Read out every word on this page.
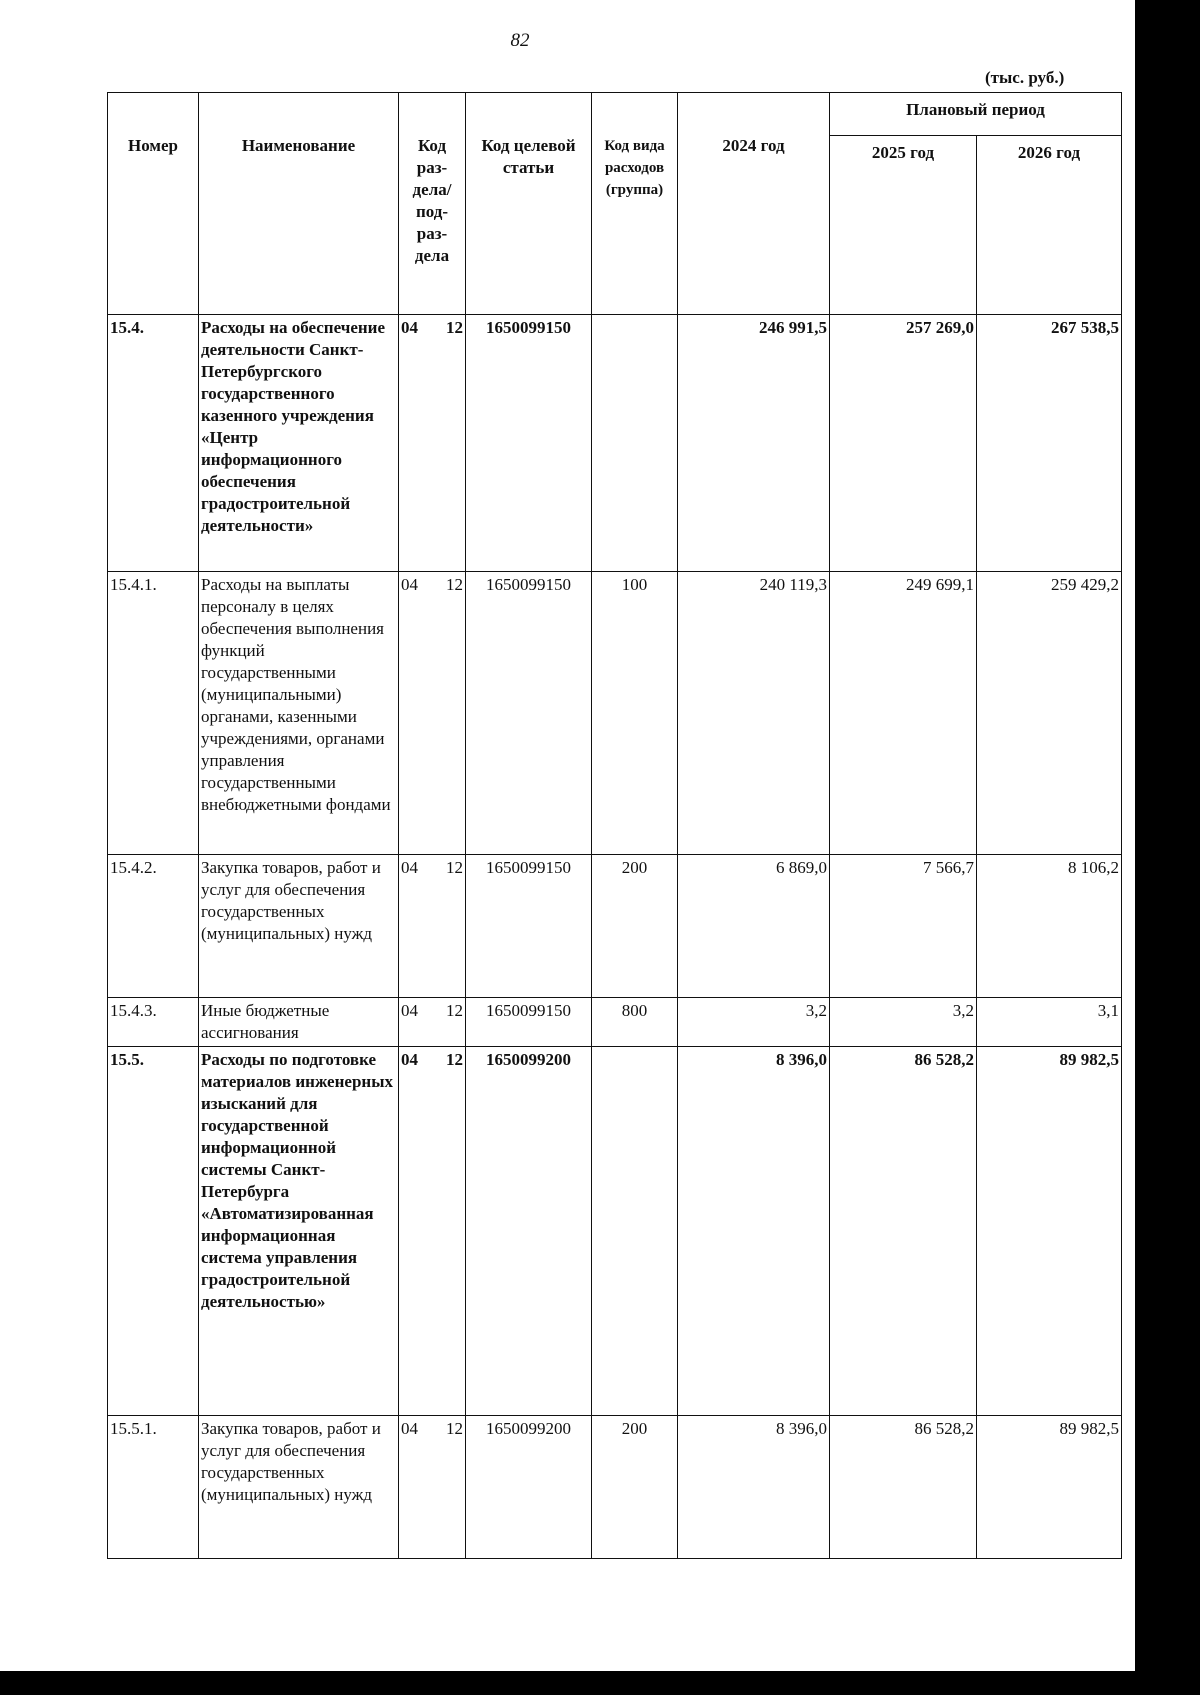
82
(тыс. руб.)
Номер	Наименование	Код раз-дела/ под-раз-дела	Код целевой статьи	Код вида расходов (группа)	2024 год	Плановый период	
						2025 год	2026 год
15.4.	Расходы на обеспечение деятельности Санкт-Петербургского государственного казенного учреждения «Центр информационного обеспечения градостроительной деятельности»	04 12	1650099150		246 991,5	257 269,0	267 538,5
15.4.1.	Расходы на выплаты персоналу в целях обеспечения выполнения функций государственными (муниципальными) органами, казенными учреждениями, органами управления государственными внебюджетными фондами	04 12	1650099150	100	240 119,3	249 699,1	259 429,2
15.4.2.	Закупка товаров, работ и услуг для обеспечения государственных (муниципальных) нужд	04 12	1650099150	200	6 869,0	7 566,7	8 106,2
15.4.3.	Иные бюджетные ассигнования	04 12	1650099150	800	3,2	3,2	3,1
15.5.	Расходы по подготовке материалов инженерных изысканий для государственной информационной системы Санкт-Петербурга «Автоматизированная информационная система управления градостроительной деятельностью»	04 12	1650099200		8 396,0	86 528,2	89 982,5
15.5.1.	Закупка товаров, работ и услуг для обеспечения государственных (муниципальных) нужд	04 12	1650099200	200	8 396,0	86 528,2	89 982,5
